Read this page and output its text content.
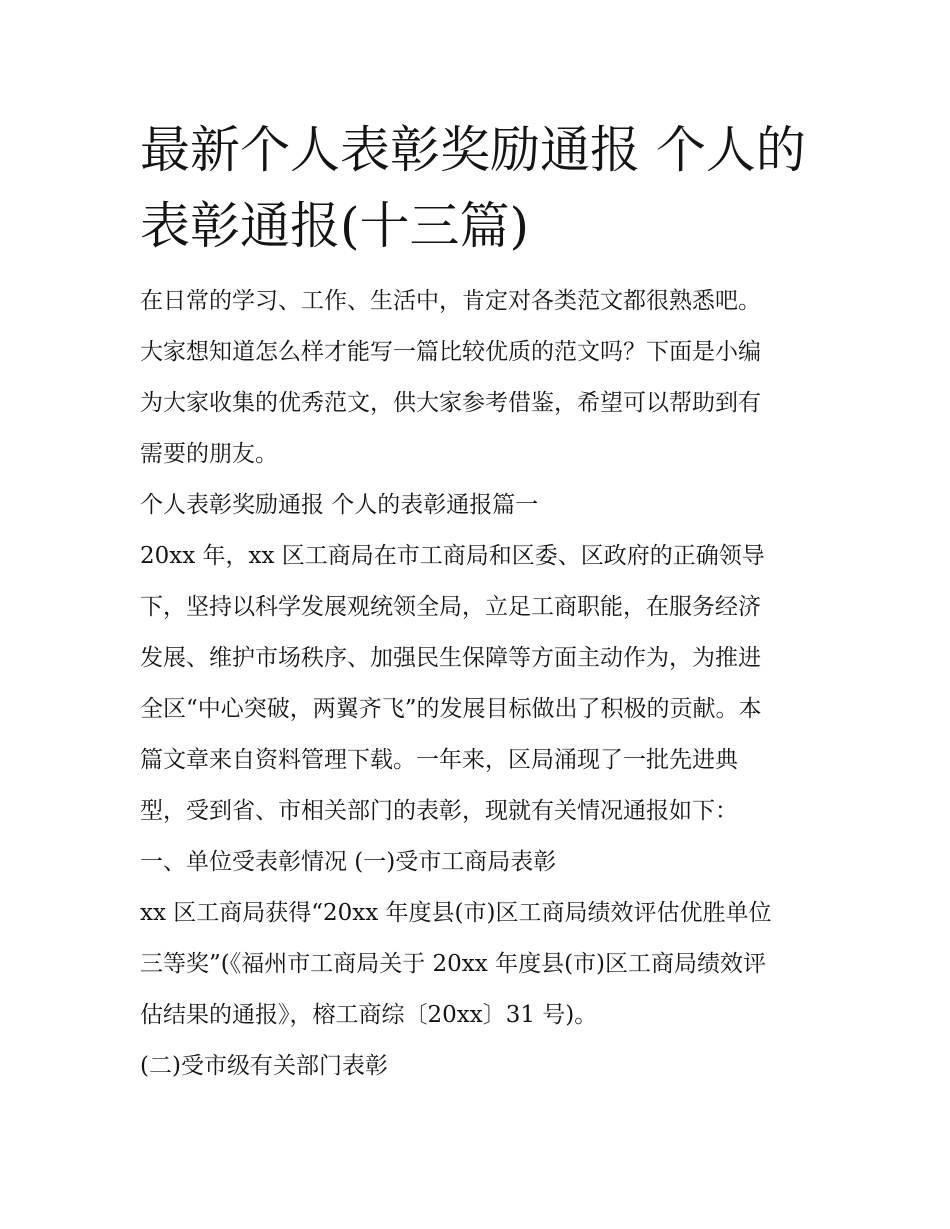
最新个人表彰奖励通报 个人的
表彰通报(十三篇)
在日常的学习、工作、生活中，肯定对各类范文都很熟悉吧。
大家想知道怎么样才能写一篇比较优质的范文吗？下面是小编
为大家收集的优秀范文，供大家参考借鉴，希望可以帮助到有
需要的朋友。
个人表彰奖励通报 个人的表彰通报篇一
20xx 年，xx 区工商局在市工商局和区委、区政府的正确领导
下，坚持以科学发展观统领全局，立足工商职能，在服务经济
发展、维护市场秩序、加强民生保障等方面主动作为，为推进
全区“中心突破，两翼齐飞”的发展目标做出了积极的贡献。本
篇文章来自资料管理下载。一年来，区局涌现了一批先进典
型，受到省、市相关部门的表彰，现就有关情况通报如下：
一、单位受表彰情况 (一)受市工商局表彰
xx 区工商局获得“20xx 年度县(市)区工商局绩效评估优胜单位
三等奖”(《福州市工商局关于 20xx 年度县(市)区工商局绩效评
估结果的通报》，榕工商综〔20xx〕31 号)。
(二)受市级有关部门表彰
